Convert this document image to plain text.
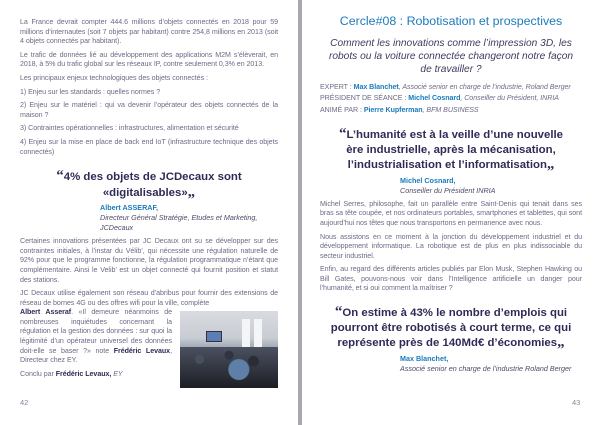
La France devrait compter 444.6 millions d’objets connectés en 2018 pour 59 millions d’internautes (soit 7 objets par habitant) contre 254,8 millions en 2013 (soit 4 objets connectés par habitant).

Le trafic de données lié au développement des applications M2M s’élèverait, en 2018, à 5% du trafic global sur les réseaux IP, contre seulement 0,3% en 2013.

Les principaux enjeux technologiques des objets connectés :

1) Enjeu sur les standards : quelles normes ?

2) Enjeu sur le matériel : qui va devenir l’opérateur des objets connectés de la maison ?

3) Contraintes opérationnelles : infrastructures, alimentation et sécurité

4) Enjeu sur la mise en place de back end IoT (infrastructure technique des objets connectés)

“4% des objets de JCDecaux sont «digitalisables»„

Albert ASSERAF,
Directeur Général Stratégie, Etudes et Marketing, JCDecaux

Certaines innovations présentées par JC Decaux ont su se développer sur des contraintes initiales, à l’instar du Vélib’, qui nécessite une régulation naturelle de 92% pour que le programme fonctionne, la régulation programmatique n’étant que complémentaire. Ainsi le Velib’ est un objet connecté qui fournit position et statut des stations.

JC Decaux utilise également son réseau d’abribus pour fournir des extensions de réseau de bornes 4G ou des offres wifi pour la ville, complète

Albert Asseraf. «Il demeure néanmoins de nombreuses inquiétudes concernant la régulation et la gestion des données : sur quoi la légitimité d’un opérateur universel des données doit-elle se baser ?» note Frédéric Levaux, Directeur chez EY.

Conclu par Frédéric Levaux, EY

42
Cercle#08 : Robotisation et prospectives
Comment les innovations comme l’impression 3D, les robots ou la voiture connectée changeront notre façon de travailler ?

EXPERT : Max Blanchet, Associé senior en charge de l’industrie, Roland Berger

PRÉSIDENT DE SÉANCE : Michel Cosnard, Conseiller du Président, INRIA

ANIMÉ PAR : Pierre Kupferman, BFM BUSINESS

“L’humanité est à la veille d’une nouvelle ère industrielle, après la mécanisation, l’industrialisation et l’informatisation„

Michel Cosnard,
Conseiller du Président INRIA

Michel Serres, philosophe, fait un parallèle entre Saint-Denis qui tenait dans ses bras sa tête coupée, et nos ordinateurs portables, smartphones et tablettes, qui sont aujourd’hui nos têtes que nous transportons en permanence avec nous.

Nous assistons en ce moment à la jonction du développement industriel et du développement informatique. La robotique est de plus en plus indissociable du secteur industriel.

Enfin, au regard des différents articles publiés par Elon Musk, Stephen Hawking ou Bill Gates, pouvons-nous voir dans l’Intelligence artificielle un danger pour l’humanité, et si oui comment la maîtriser ?

“On estime à 43% le nombre d’emplois qui pourront être robotisés à court terme, ce qui représente près de 140Md€ d’économies„

Max Blanchet,
Associé senior en charge de l’industrie Roland Berger
43
